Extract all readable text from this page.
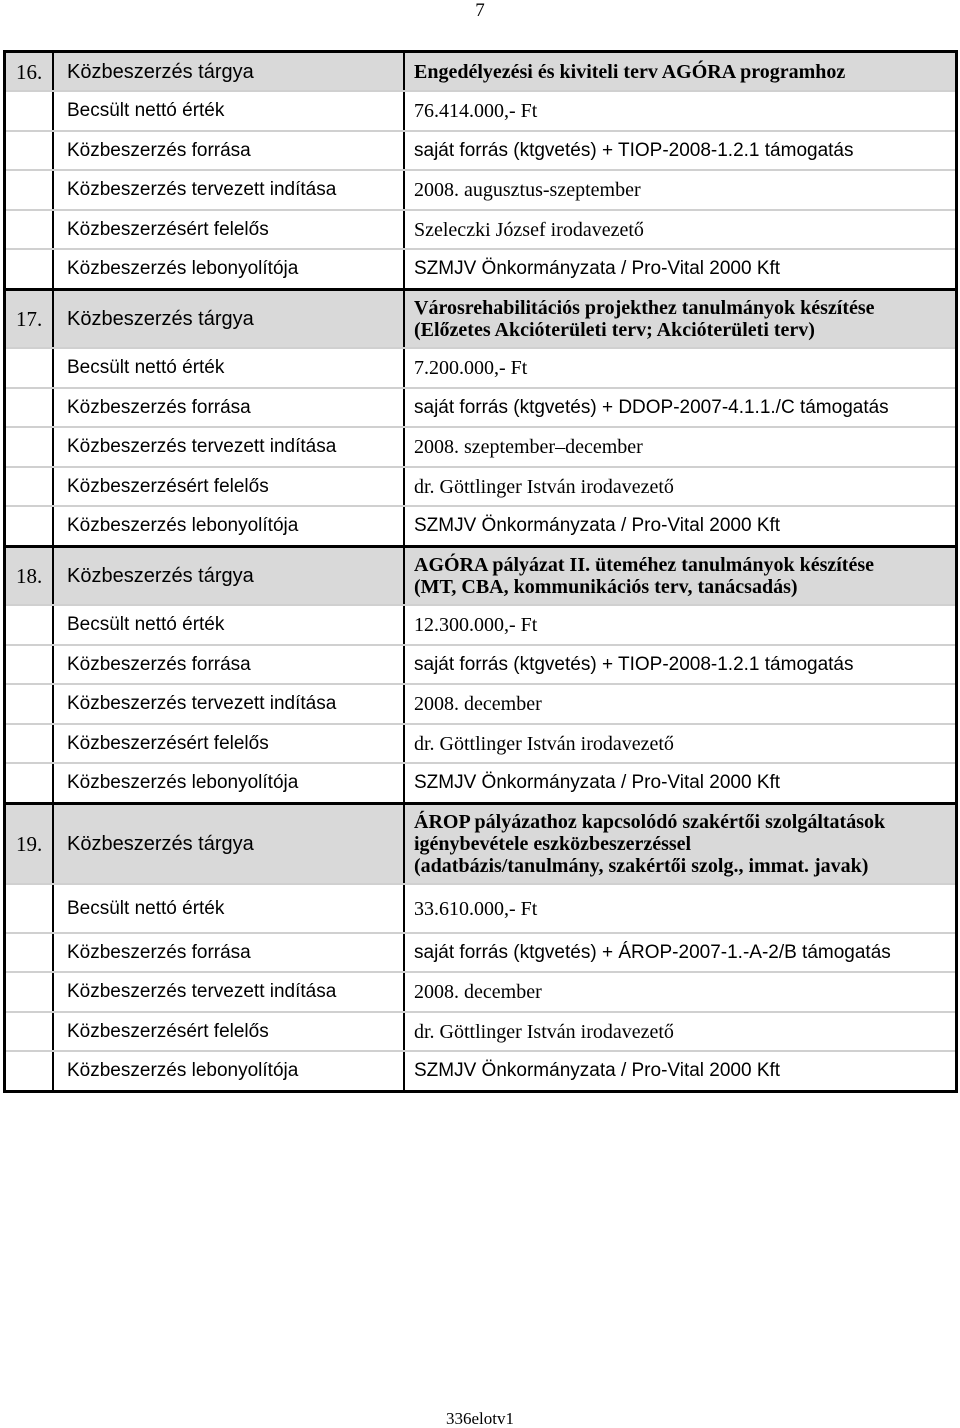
7
16.	Közbeszerzés tárgya	Engedélyezési és kiviteli terv AGÓRA programhoz
Becsült nettó érték	76.414.000,- Ft
Közbeszerzés forrása	saját forrás (ktgvetés) + TIOP-2008-1.2.1 támogatás
Közbeszerzés tervezett indítása	2008. augusztus-szeptember
Közbeszerzésért felelős	Szeleczki József irodavezető
Közbeszerzés lebonyolítója	SZMJV Önkormányzata / Pro-Vital 2000 Kft
17.	Közbeszerzés tárgya	Városrehabilitációs projekthez tanulmányok készítése
(Előzetes Akcióterületi terv; Akcióterületi terv)
Becsült nettó érték	7.200.000,- Ft
Közbeszerzés forrása	saját forrás (ktgvetés) + DDOP-2007-4.1.1./C támogatás
Közbeszerzés tervezett indítása	2008. szeptember–december
Közbeszerzésért felelős	dr. Göttlinger István irodavezető
Közbeszerzés lebonyolítója	SZMJV Önkormányzata / Pro-Vital 2000 Kft
18.	Közbeszerzés tárgya	AGÓRA pályázat II. üteméhez tanulmányok készítése
(MT, CBA, kommunikációs terv, tanácsadás)
Becsült nettó érték	12.300.000,- Ft
Közbeszerzés forrása	saját forrás (ktgvetés) + TIOP-2008-1.2.1 támogatás
Közbeszerzés tervezett indítása	2008. december
Közbeszerzésért felelős	dr. Göttlinger István irodavezető
Közbeszerzés lebonyolítója	SZMJV Önkormányzata / Pro-Vital 2000 Kft
19.	Közbeszerzés tárgya
ÁROP pályázathoz kapcsolódó szakértői szolgáltatások
igénybevétele eszközbeszerzéssel
(adatbázis/tanulmány, szakértői szolg., immat. javak)
Becsült nettó érték	33.610.000,- Ft
Közbeszerzés forrása	saját forrás (ktgvetés) + ÁROP-2007-1.-A-2/B támogatás
Közbeszerzés tervezett indítása	2008. december
Közbeszerzésért felelős	dr. Göttlinger István irodavezető
Közbeszerzés lebonyolítója	SZMJV Önkormányzata / Pro-Vital 2000 Kft
336elotv1
